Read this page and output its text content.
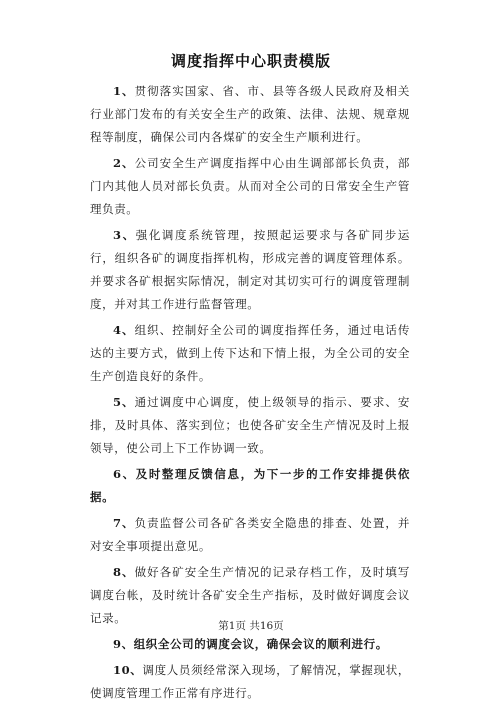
调度指挥中心职责模版

1、贯彻落实国家、省、市、县等各级人民政府及相关行业部门发布的有关安全生产的政策、法律、法规、规章规程等制度，确保公司内各煤矿的安全生产顺利进行。

2、公司安全生产调度指挥中心由生调部部长负责，部门内其他人员对部长负责。从而对全公司的日常安全生产管理负责。

3、强化调度系统管理，按照起运要求与各矿同步运行，组织各矿的调度指挥机构，形成完善的调度管理体系。并要求各矿根据实际情况，制定对其切实可行的调度管理制度，并对其工作进行监督管理。

4、组织、控制好全公司的调度指挥任务，通过电话传达的主要方式，做到上传下达和下情上报，为全公司的安全生产创造良好的条件。

5、通过调度中心调度，使上级领导的指示、要求、安排，及时具体、落实到位；也使各矿安全生产情况及时上报领导，使公司上下工作协调一致。

6、及时整理反馈信息，为下一步的工作安排提供依据。

7、负责监督公司各矿各类安全隐患的排查、处置，并对安全事项提出意见。

8、做好各矿安全生产情况的记录存档工作，及时填写调度台帐，及时统计各矿安全生产指标，及时做好调度会议记录。

9、组织全公司的调度会议，确保会议的顺利进行。

10、调度人员须经常深入现场，了解情况，掌握现状，使调度管理工作正常有序进行。

第1页 共16页
